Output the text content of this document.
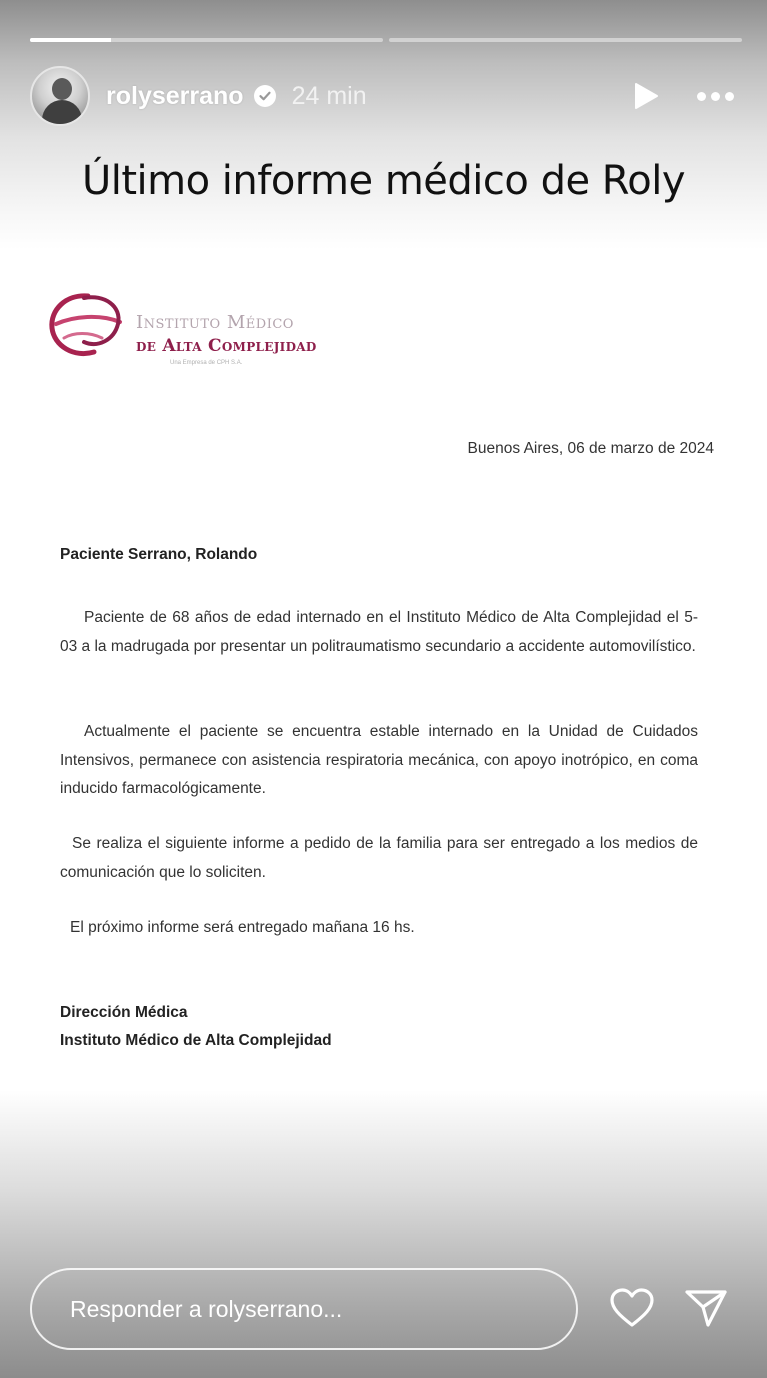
rolyserrano 24 min
Último informe médico de Roly
Instituto Médico
de Alta Complejidad
Una Empresa de CPH S.A.
Buenos Aires, 06 de marzo de 2024
Paciente Serrano, Rolando

Paciente de 68 años de edad internado en el Instituto Médico de Alta Complejidad el 5-03 a la madrugada por presentar un politraumatismo secundario a accidente automovilístico.

Actualmente el paciente se encuentra estable internado en la Unidad de Cuidados Intensivos, permanece con asistencia respiratoria mecánica, con apoyo inotrópico, en coma inducido farmacológicamente.

Se realiza el siguiente informe a pedido de la familia para ser entregado a los medios de comunicación que lo soliciten.

El próximo informe será entregado mañana 16 hs.

Dirección Médica
Instituto Médico de Alta Complejidad
Responder a rolyserrano...
